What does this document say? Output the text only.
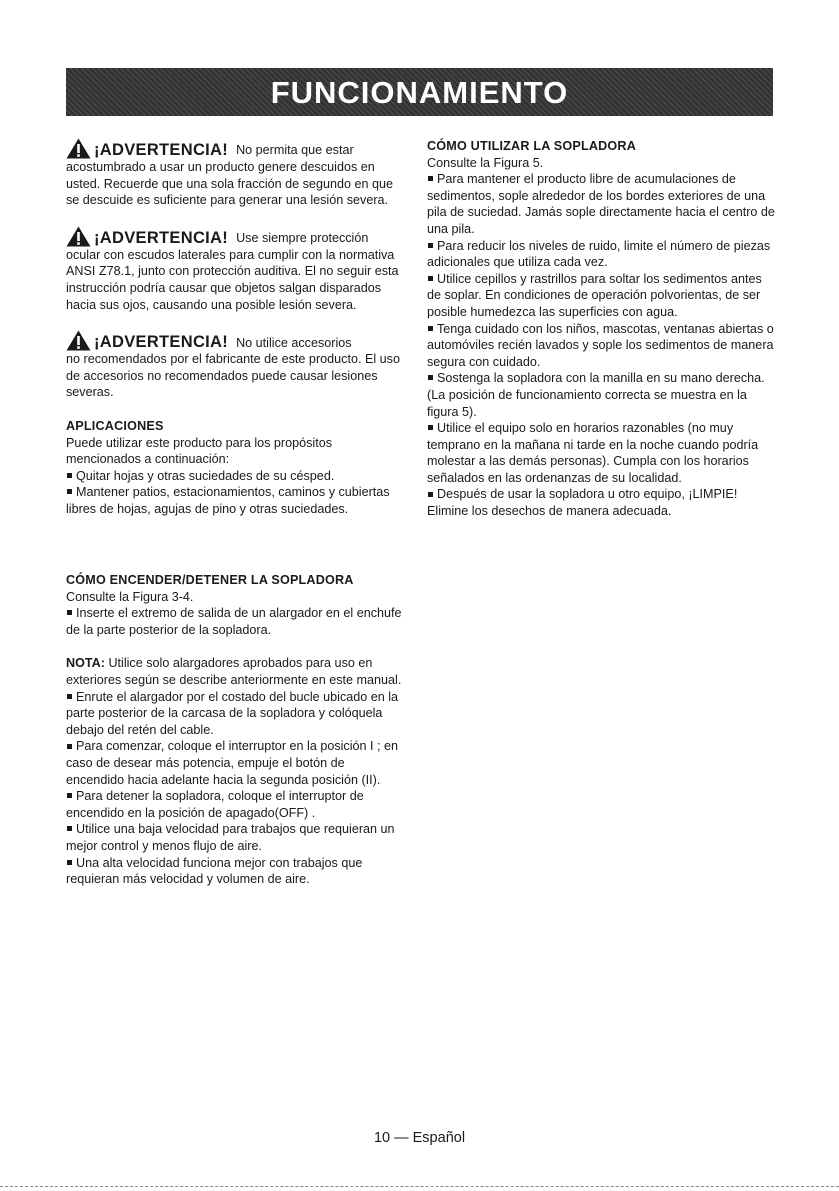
FUNCIONAMIENTO
¡ADVERTENCIA! No permita que estar

acostumbrado a usar un producto genere descuidos en usted. Recuerde que una sola fracción de segundo en que se descuide es suficiente para generar una lesión severa.

¡ADVERTENCIA! Use siempre protección

ocular con escudos laterales para cumplir con la normativa ANSI Z78.1, junto con protección auditiva. El no seguir esta instrucción podría causar que objetos salgan disparados hacia sus ojos, causando una posible lesión severa.

¡ADVERTENCIA! No utilice accesorios

no recomendados por el fabricante de este producto. El uso de accesorios no recomendados puede causar lesiones severas.

APLICACIONES

Puede utilizar este producto para los propósitos mencionados a continuación:

Quitar hojas y otras suciedades de su césped.

Mantener patios, estacionamientos, caminos y cubiertas libres de hojas, agujas de pino y otras suciedades.

CÓMO ENCENDER/DETENER LA SOPLADORA

Consulte la Figura 3-4.

Inserte el extremo de salida de un alargador en el enchufe de la parte posterior de la sopladora.

NOTA: Utilice solo alargadores aprobados para uso en exteriores según se describe anteriormente en este manual.

Enrute el alargador por el costado del bucle ubicado en la parte posterior de la carcasa de la sopladora y colóquela debajo del retén del cable.

Para comenzar, coloque el interruptor en la posición I ; en caso de desear más potencia, empuje el botón de encendido hacia adelante hacia la segunda posición (II).

Para detener la sopladora, coloque el interruptor de encendido en la posición de apagado(OFF) .

Utilice una baja velocidad para trabajos que requieran un mejor control y menos flujo de aire.

Una alta velocidad funciona mejor con trabajos que requieran más velocidad y volumen de aire.

CÓMO UTILIZAR LA SOPLADORA

Consulte la Figura 5.

Para mantener el producto libre de acumulaciones de sedimentos, sople alrededor de los bordes exteriores de una pila de suciedad. Jamás sople directamente hacia el centro de una pila.

Para reducir los niveles de ruido, limite el número de piezas adicionales que utiliza cada vez.

Utilice cepillos y rastrillos para soltar los sedimentos antes de soplar. En condiciones de operación polvorientas, de ser posible humedezca las superficies con agua.

Tenga cuidado con los niños, mascotas, ventanas abiertas o automóviles recién lavados y sople los sedimentos de manera segura con cuidado.

Sostenga la sopladora con la manilla en su mano derecha. (La posición de funcionamiento correcta se muestra en la figura 5).

Utilice el equipo solo en horarios razonables (no muy temprano en la mañana ni tarde en la noche cuando podría molestar a las demás personas). Cumpla con los horarios señalados en las ordenanzas de su localidad.

Después de usar la sopladora u otro equipo, ¡LIMPIE! Elimine los desechos de manera adecuada.

10 — Español
